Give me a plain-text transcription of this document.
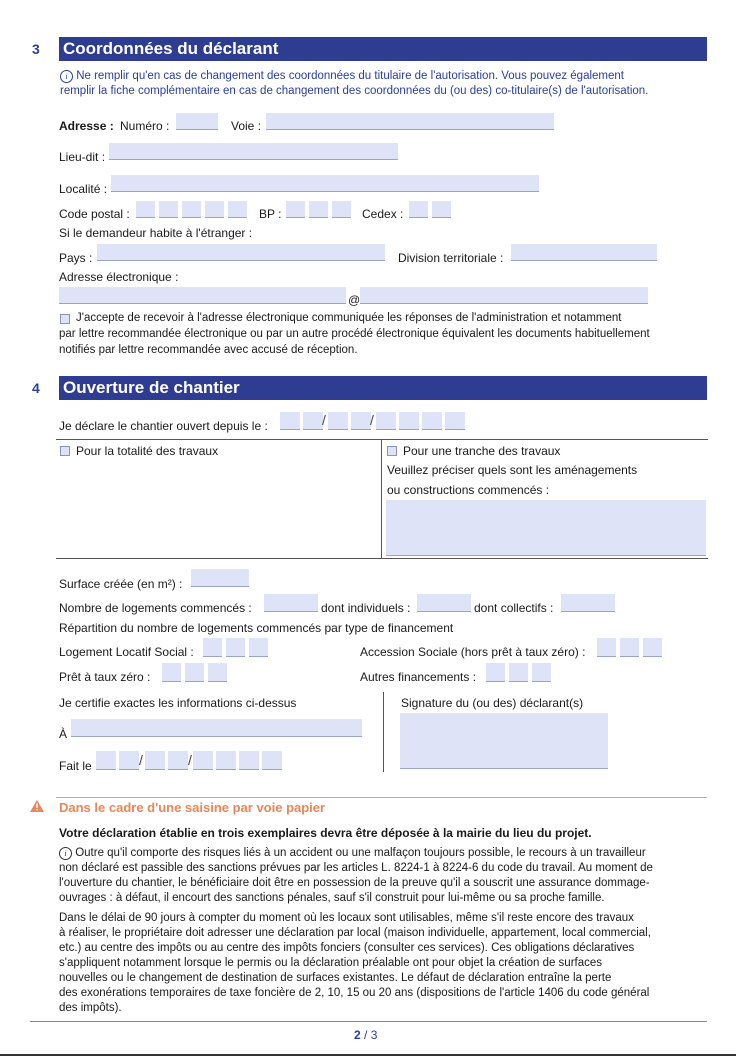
3 Coordonnées du déclarant
i Ne remplir qu'en cas de changement des coordonnées du titulaire de l'autorisation. Vous pouvez également
remplir la fiche complémentaire en cas de changement des coordonnées du (ou des) co-titulaire(s) de l'autorisation.
Adresse : Numéro :	Voie :
Lieu-dit :
Localité :
Code postal :	BP :	Cedex :
Si le demandeur habite à l'étranger :
Pays :	Division territoriale :
Adresse électronique :
@
J'accepte de recevoir à l'adresse électronique communiquée les réponses de l'administration et notamment
par lettre recommandée électronique ou par un autre procédé électronique équivalent les documents habituellement
notifiés par lettre recommandée avec accusé de réception.
4 Ouverture de chantier
Je déclare le chantier ouvert depuis le :	/	/
Pour la totalité des travaux	Pour une tranche des travaux
Veuillez préciser quels sont les aménagements
ou constructions commencés :
Surface créée (en m²) :
Nombre de logements commencés :	dont individuels :	dont collectifs :
Répartition du nombre de logements commencés par type de financement
Logement Locatif Social :	Accession Sociale (hors prêt à taux zéro) :
Prêt à taux zéro :	Autres financements :
Je certifie exactes les informations ci-dessus	Signature du (ou des) déclarant(s)
À
Fait le	/	/
Dans le cadre d'une saisine par voie papier
Votre déclaration établie en trois exemplaires devra être déposée à la mairie du lieu du projet.
i Outre qu'il comporte des risques liés à un accident ou une malfaçon toujours possible, le recours à un travailleur
non déclaré est passible des sanctions prévues par les articles L. 8224-1 à 8224-6 du code du travail. Au moment de
l'ouverture du chantier, le bénéficiaire doit être en possession de la preuve qu'il a souscrit une assurance dommage-
ouvrages : à défaut, il encourt des sanctions pénales, sauf s'il construit pour lui-même ou sa proche famille.
Dans le délai de 90 jours à compter du moment où les locaux sont utilisables, même s'il reste encore des travaux
à réaliser, le propriétaire doit adresser une déclaration par local (maison individuelle, appartement, local commercial,
etc.) au centre des impôts ou au centre des impôts fonciers (consulter ces services). Ces obligations déclaratives
s'appliquent notamment lorsque le permis ou la déclaration préalable ont pour objet la création de surfaces
nouvelles ou le changement de destination de surfaces existantes. Le défaut de déclaration entraîne la perte
des exonérations temporaires de taxe foncière de 2, 10, 15 ou 20 ans (dispositions de l'article 1406 du code général
des impôts).
2 / 3
